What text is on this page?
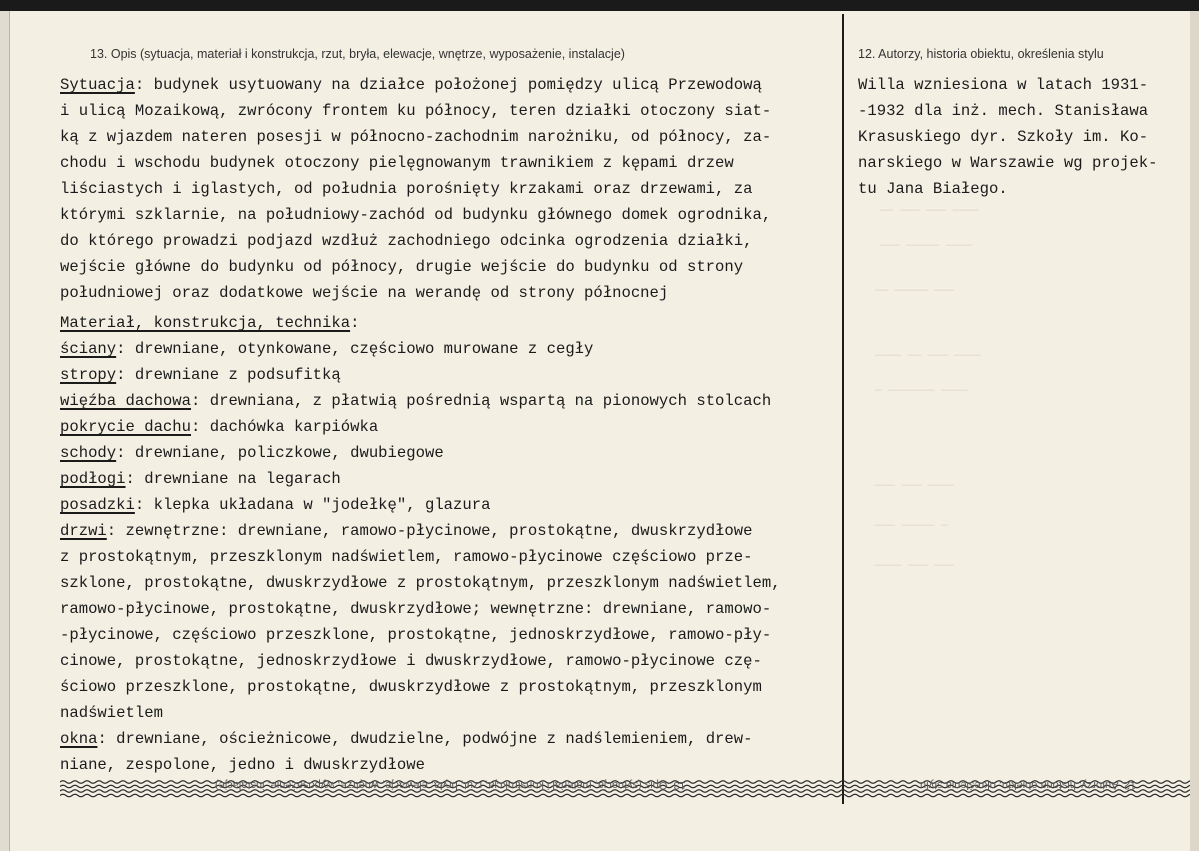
—— ——— ——— ————
——— ————— ————
—— ————— ———
———— —— ——— ————
— ——————— ————
——— ——— ————
——— ————— —
———— ——— ———
13. Opis (sytuacja, materiał i konstrukcja, rzut, bryła, elewacje, wnętrze, wyposażenie, instalacje)	12. Autorzy, historia obiektu, określenia stylu
Sytuacja: budynek usytuowany na działce położonej pomiędzy ulicą Przewodową
i ulicą Mozaikową, zwrócony frontem ku północy, teren działki otoczony siat-
ką z wjazdem nateren posesji w północno-zachodnim narożniku, od północy, za-
chodu i wschodu budynek otoczony pielęgnowanym trawnikiem z kępami drzew
liściastych i iglastych, od południa porośnięty krzakami oraz drzewami, za
którymi szklarnie, na południowy-zachód od budynku głównego domek ogrodnika,
do którego prowadzi podjazd wzdłuż zachodniego odcinka ogrodzenia działki,
wejście główne do budynku od północy, drugie wejście do budynku od strony
południowej oraz dodatkowe wejście na werandę od strony północnej
Materiał, konstrukcja, technika:
ściany: drewniane, otynkowane, częściowo murowane z cegły
stropy: drewniane z podsufitką
więźba dachowa: drewniana, z płatwią pośrednią wspartą na pionowych stolcach
pokrycie dachu: dachówka karpiówka
schody: drewniane, policzkowe, dwubiegowe
podłogi: drewniane na legarach
posadzki: klepka układana w "jodełkę", glazura
drzwi: zewnętrzne: drewniane, ramowo-płycinowe, prostokątne, dwuskrzydłowe
z prostokątnym, przeszklonym nadświetlem, ramowo-płycinowe częściowo prze-
szklone, prostokątne, dwuskrzydłowe z prostokątnym, przeszklonym nadświetlem,
ramowo-płycinowe, prostokątne, dwuskrzydłowe; wewnętrzne: drewniane, ramowo-
-płycinowe, częściowo przeszklone, prostokątne, jednoskrzydłowe, ramowo-pły-
cinowe, prostokątne, jednoskrzydłowe i dwuskrzydłowe, ramowo-płycinowe czę-
ściowo przeszklone, prostokątne, dwuskrzydłowe z prostokątnym, przeszklonym
nadświetlem
okna: drewniane, ościeżnicowe, dwudzielne, podwójne z nadślemieniem, drew-
niane, zespolone, jedno i dwuskrzydłowe
Willa wzniesiona w latach 1931-
-1932 dla inż. mech. Stanisława
Krasuskiego dyr. Szkoły im. Ko-
narskiego w Warszawie wg projek-
tu Jana Białego.
13. Opis (sytuacja, materiał i konstrukcja, rzut, bryła, elewacje, wnętrze, wyposażenie, instalacje)	12. Autorzy, historia obiektu, określenia stylu
